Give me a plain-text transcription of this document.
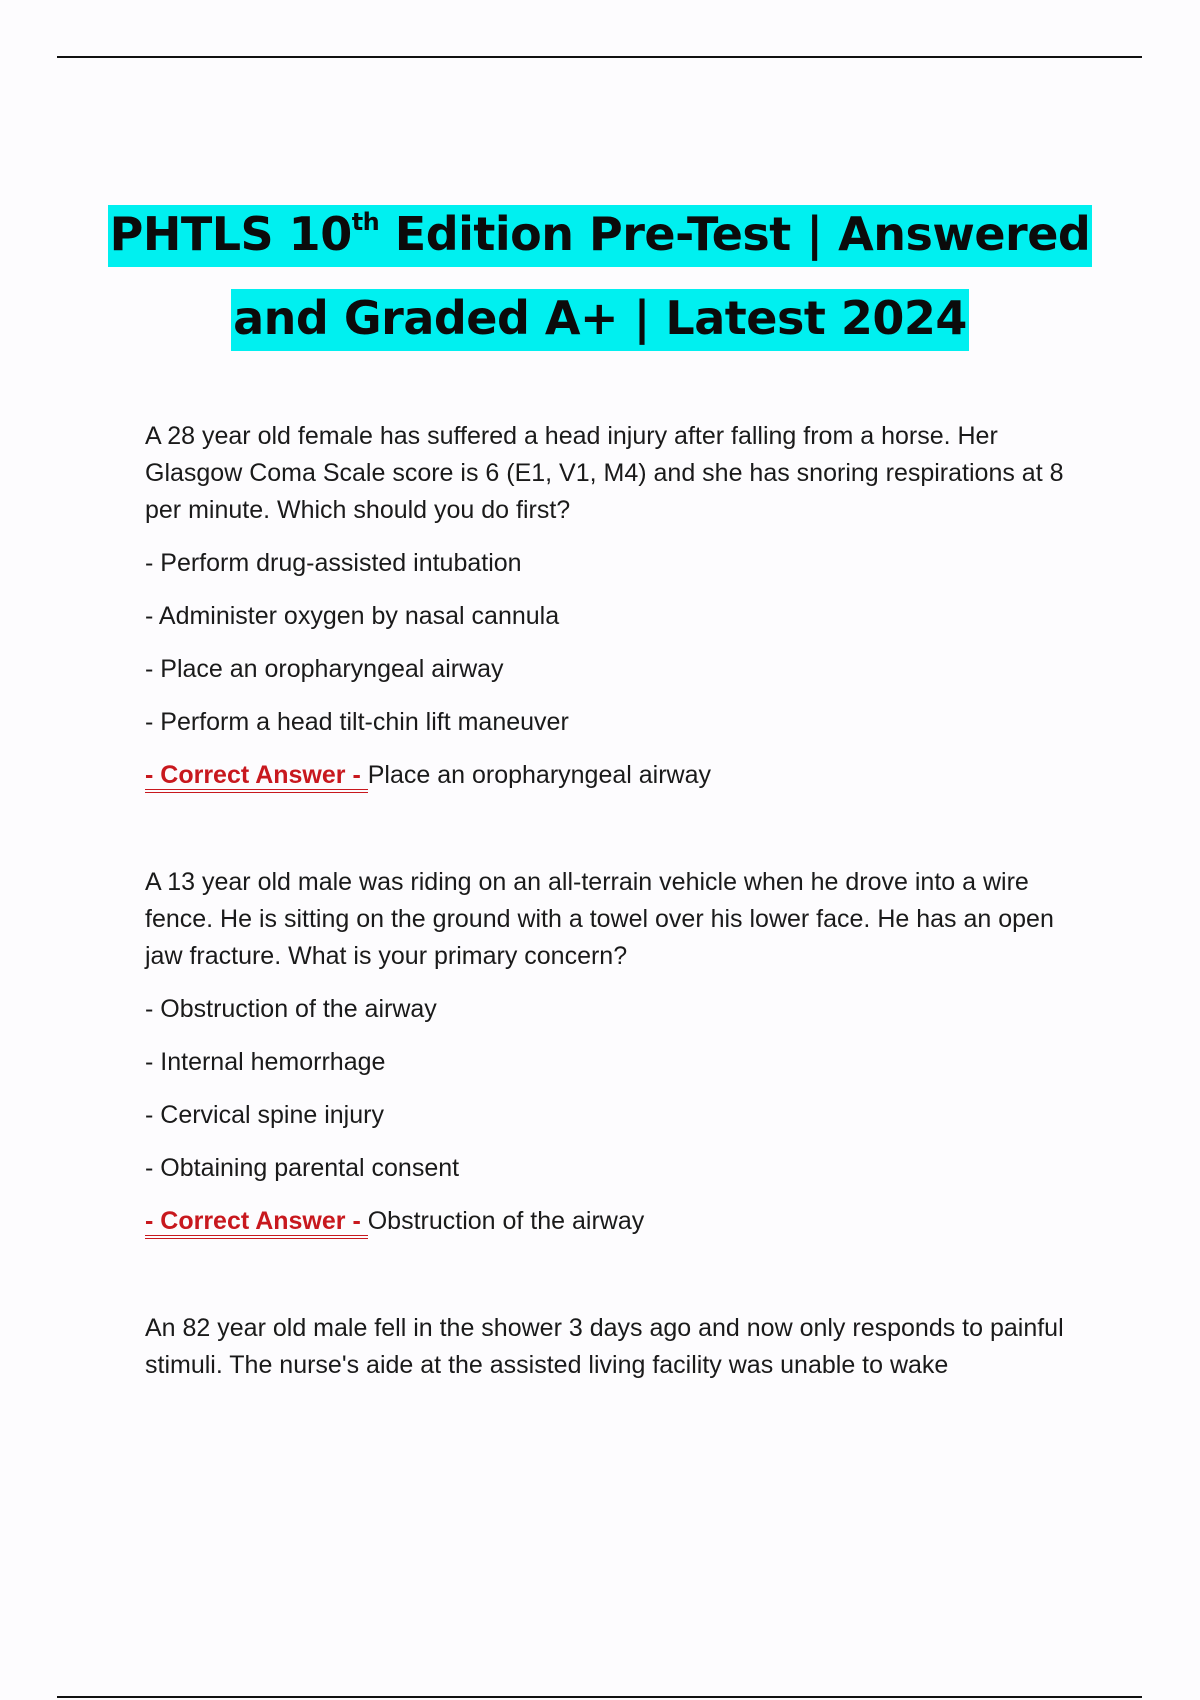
PHTLS 10th Edition Pre-Test | Answered
and Graded A+ | Latest 2024
A 28 year old female has suffered a head injury after falling from a horse. Her Glasgow Coma Scale score is 6 (E1, V1, M4) and she has snoring respirations at 8 per minute. Which should you do first?
- Perform drug-assisted intubation
- Administer oxygen by nasal cannula
- Place an oropharyngeal airway
- Perform a head tilt-chin lift maneuver
- Correct Answer - Place an oropharyngeal airway
A 13 year old male was riding on an all-terrain vehicle when he drove into a wire fence. He is sitting on the ground with a towel over his lower face. He has an open jaw fracture. What is your primary concern?
- Obstruction of the airway
- Internal hemorrhage
- Cervical spine injury
- Obtaining parental consent
- Correct Answer - Obstruction of the airway
An 82 year old male fell in the shower 3 days ago and now only responds to painful stimuli. The nurse's aide at the assisted living facility was unable to wake
